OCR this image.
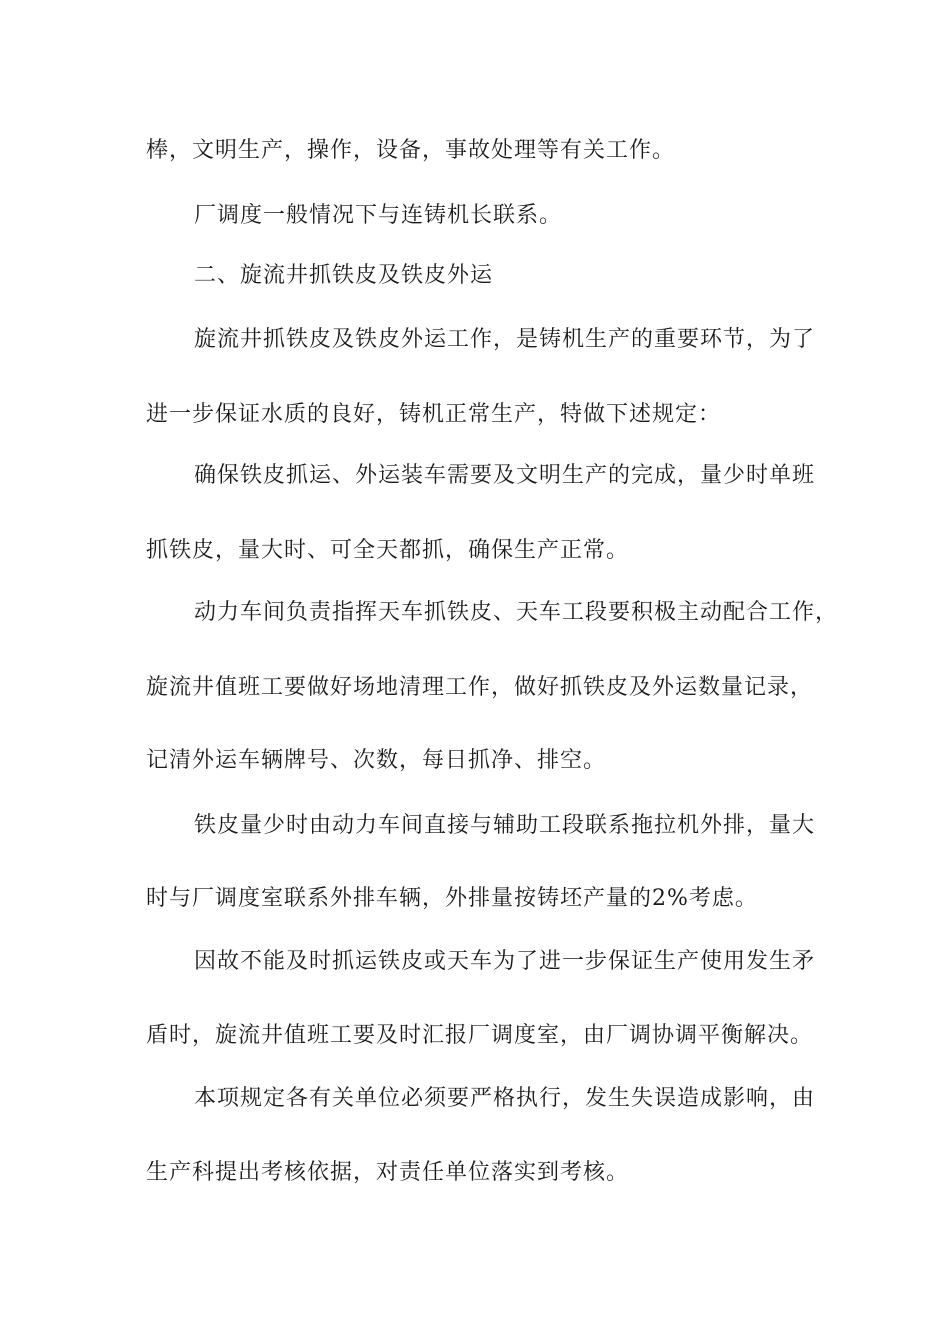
棒，文明生产，操作，设备，事故处理等有关工作。
厂调度一般情况下与连铸机长联系。
二、旋流井抓铁皮及铁皮外运
旋流井抓铁皮及铁皮外运工作，是铸机生产的重要环节，为了
进一步保证水质的良好，铸机正常生产，特做下述规定：
确保铁皮抓运、外运装车需要及文明生产的完成，量少时单班
抓铁皮，量大时、可全天都抓，确保生产正常。
动力车间负责指挥天车抓铁皮、天车工段要积极主动配合工作，
旋流井值班工要做好场地清理工作，做好抓铁皮及外运数量记录，
记清外运车辆牌号、次数，每日抓净、排空。
铁皮量少时由动力车间直接与辅助工段联系拖拉机外排，量大
时与厂调度室联系外排车辆，外排量按铸坯产量的2%考虑。
因故不能及时抓运铁皮或天车为了进一步保证生产使用发生矛
盾时，旋流井值班工要及时汇报厂调度室，由厂调协调平衡解决。
本项规定各有关单位必须要严格执行，发生失误造成影响，由
生产科提出考核依据，对责任单位落实到考核。
